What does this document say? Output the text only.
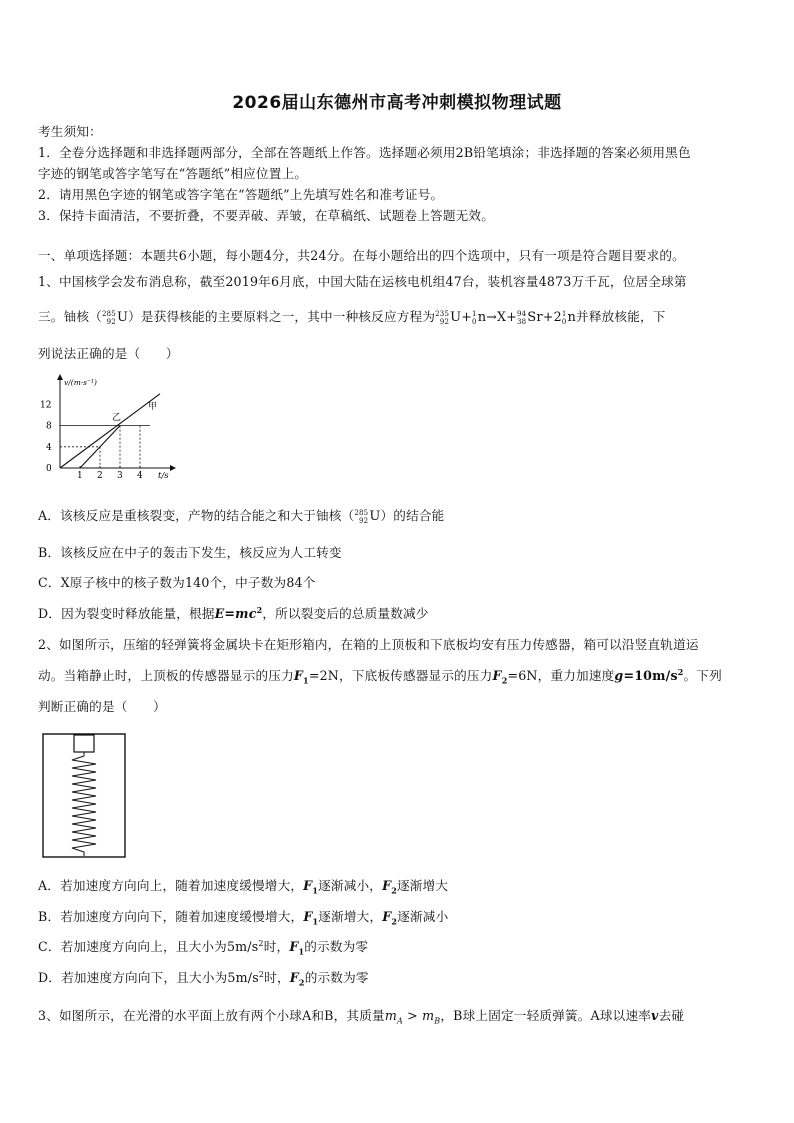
2026届山东德州市高考冲刺模拟物理试题
考生须知：
1．全卷分选择题和非选择题两部分，全部在答题纸上作答。选择题必须用2B铅笔填涂；非选择题的答案必须用黑色
字迹的钢笔或答字笔写在“答题纸”相应位置上。
2．请用黑色字迹的钢笔或答字笔在“答题纸”上先填写姓名和准考证号。
3．保持卡面清洁，不要折叠，不要弄破、弄皱，在草稿纸、试题卷上答题无效。
一、单项选择题：本题共6小题，每小题4分，共24分。在每小题给出的四个选项中，只有一项是符合题目要求的。
1、中国核学会发布消息称，截至2019年6月底，中国大陆在运核电机组47台，装机容量4873万千瓦，位居全球第
三。铀核（ 285
92 U）是获得核能的主要原料之一，其中一种核反应方程为 235
92 U+ 1
0 n→X+ 94
38 Sr+2 1
0 n并释放核能，下
列说法正确的是（　　）
1 2 3 4
0
4
8
12
v/(m·s⁻¹)
t/s
甲
乙
A．该核反应是重核裂变，产物的结合能之和大于铀核（ 285
92 U）的结合能
B．该核反应在中子的轰击下发生，核反应为人工转变
C．X原子核中的核子数为140个，中子数为84个
D．因为裂变时释放能量，根据$E=mc^2$，所以裂变后的总质量数减少
2、如图所示，压缩的轻弹簧将金属块卡在矩形箱内，在箱的上顶板和下底板均安有压力传感器，箱可以沿竖直轨道运
动。当箱静止时，上顶板的传感器显示的压力$F_1=2N$，下底板传感器显示的压力$F_2=6N$，重力加速度$g=10m/s^2$。下列
判断正确的是（　　）
A．若加速度方向向上，随着加速度缓慢增大，$F_1$逐渐减小，$F_2$逐渐增大
B．若加速度方向向下，随着加速度缓慢增大，$F_1$逐渐增大，$F_2$逐渐减小
C．若加速度方向向上，且大小为$5m/s^2$时，$F_1$的示数为零
D．若加速度方向向下，且大小为$5m/s^2$时，$F_2$的示数为零
3、如图所示，在光滑的水平面上放有两个小球A和B，其质量$m_A > m_B$，B球上固定一轻质弹簧。A球以速率v去碰
